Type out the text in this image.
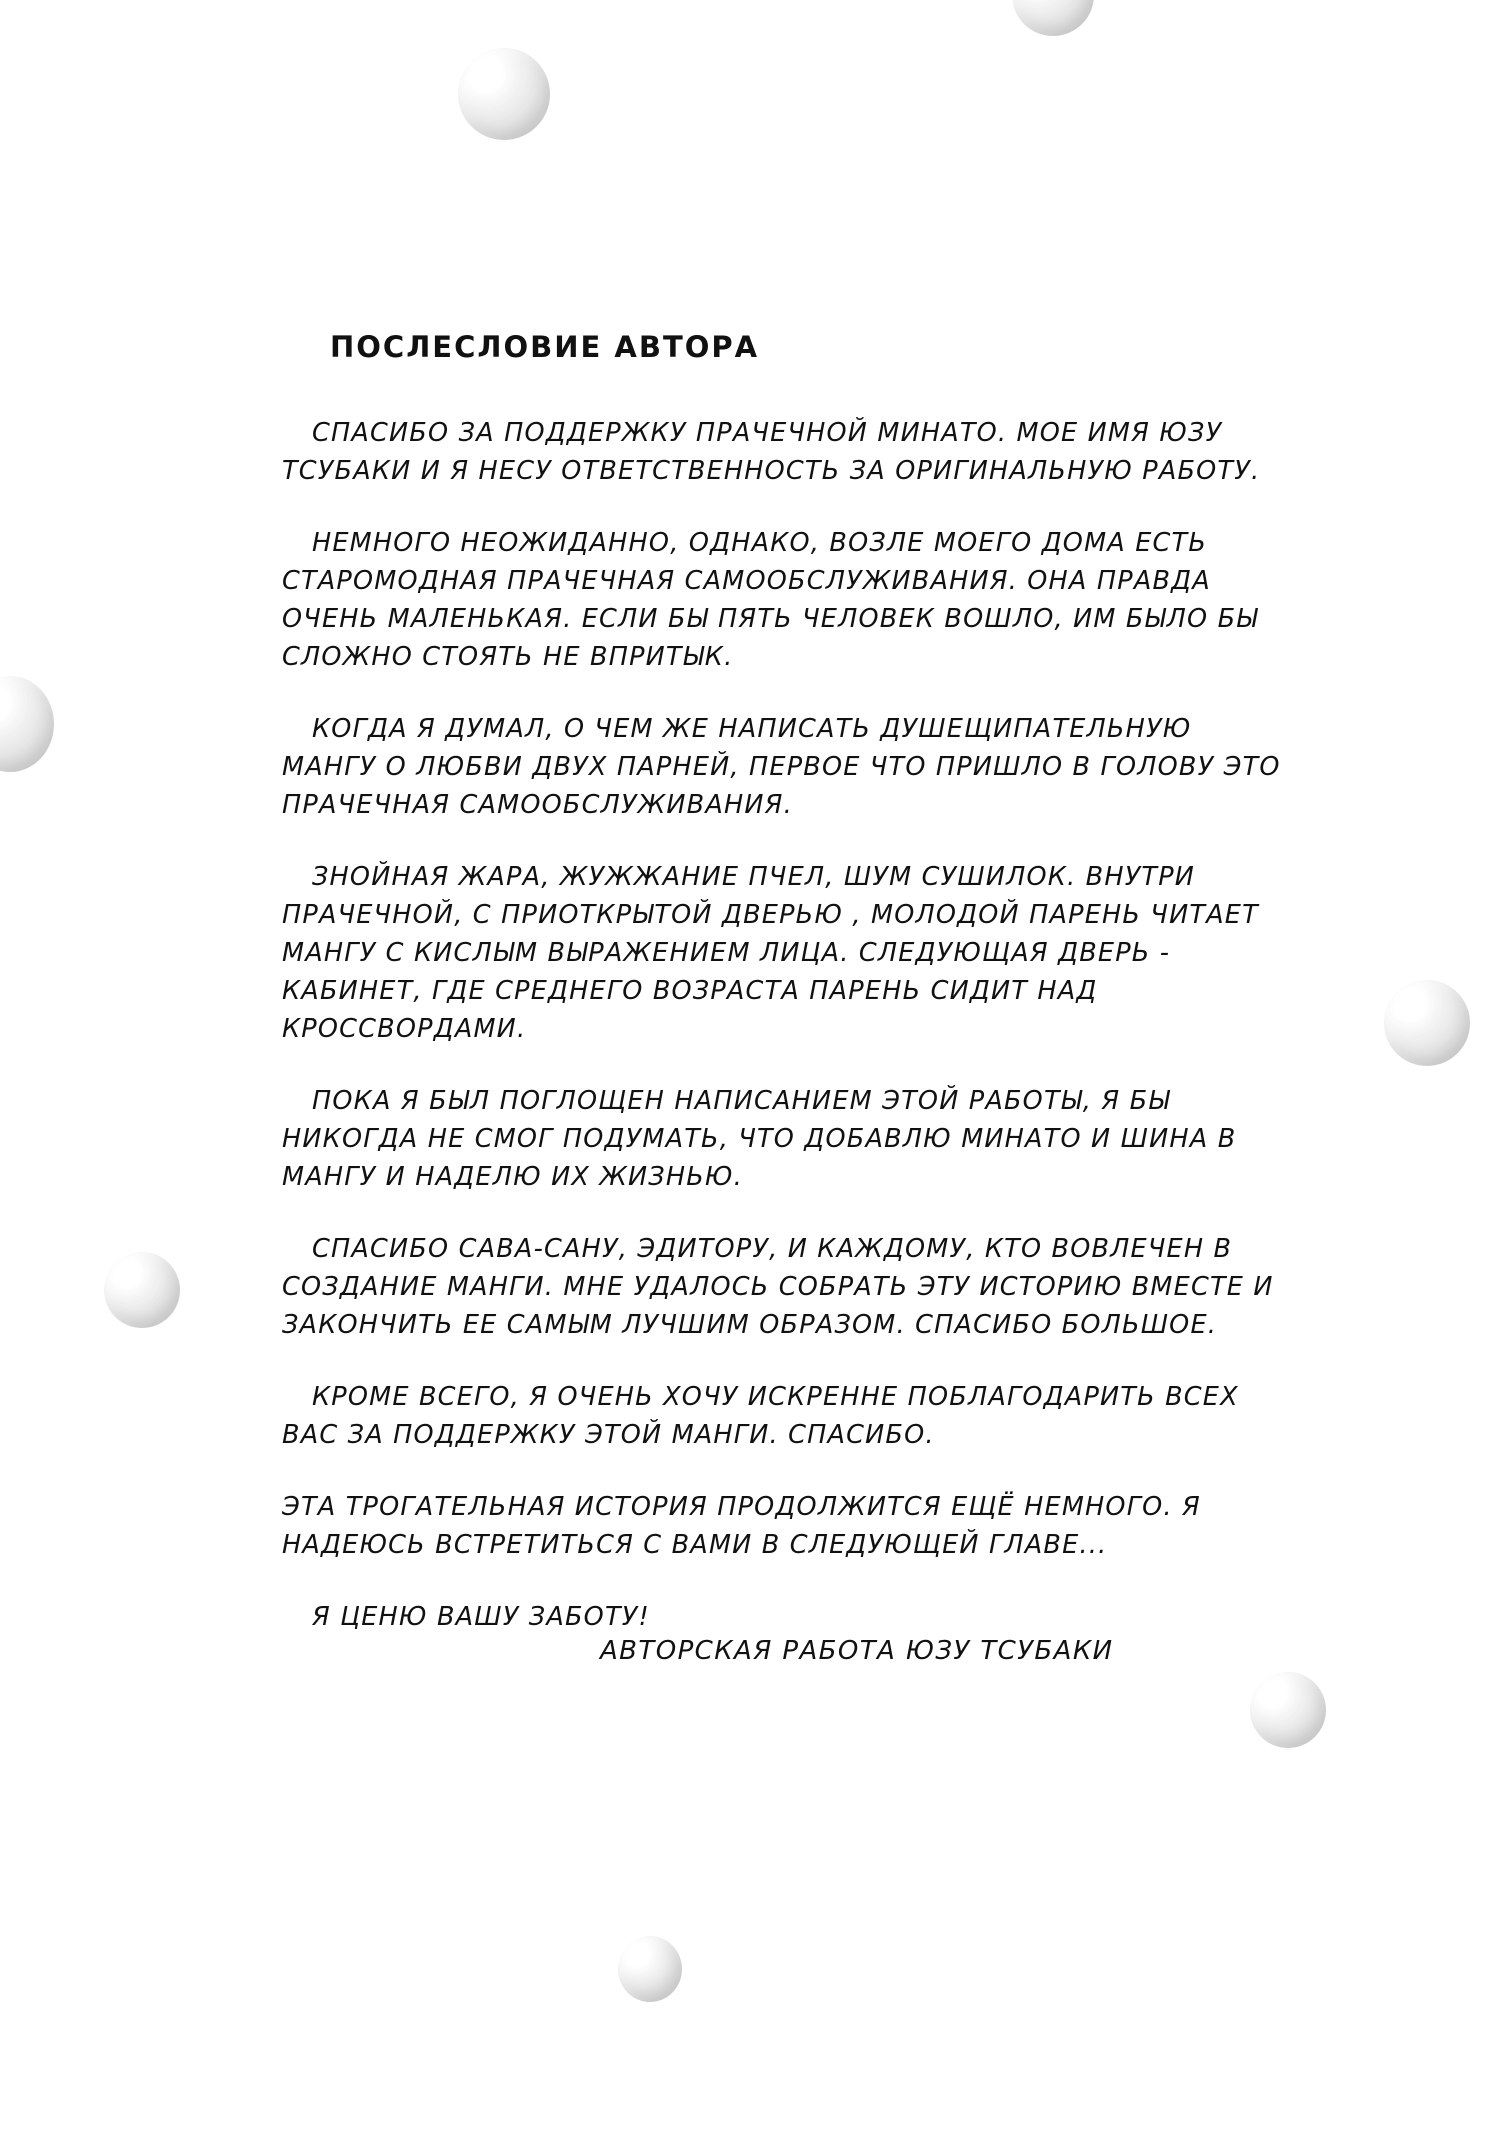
ПОСЛЕСЛОВИЕ АВТОРА

СПАСИБО ЗА ПОДДЕРЖКУ ПРАЧЕЧНОЙ МИНАТО. МОЕ ИМЯ ЮЗУ ТСУБАКИ И Я НЕСУ ОТВЕТСТВЕННОСТЬ ЗА ОРИГИНАЛЬНУЮ РАБОТУ.

НЕМНОГО НЕОЖИДАННО, ОДНАКО, ВОЗЛЕ МОЕГО ДОМА ЕСТЬ СТАРОМОДНАЯ ПРАЧЕЧНАЯ САМООБСЛУЖИВАНИЯ. ОНА ПРАВДА ОЧЕНЬ МАЛЕНЬКАЯ. ЕСЛИ БЫ ПЯТЬ ЧЕЛОВЕК ВОШЛО, ИМ БЫЛО БЫ СЛОЖНО СТОЯТЬ НЕ ВПРИТЫК.

КОГДА Я ДУМАЛ, О ЧЕМ ЖЕ НАПИСАТЬ ДУШЕЩИПАТЕЛЬНУЮ МАНГУ О ЛЮБВИ ДВУХ ПАРНЕЙ, ПЕРВОЕ ЧТО ПРИШЛО В ГОЛОВУ ЭТО ПРАЧЕЧНАЯ САМООБСЛУЖИВАНИЯ.

ЗНОЙНАЯ ЖАРА, ЖУЖЖАНИЕ ПЧЕЛ, ШУМ СУШИЛОК. ВНУТРИ ПРАЧЕЧНОЙ, С ПРИОТКРЫТОЙ ДВЕРЬЮ , МОЛОДОЙ ПАРЕНЬ ЧИТАЕТ МАНГУ С КИСЛЫМ ВЫРАЖЕНИЕМ ЛИЦА. СЛЕДУЮЩАЯ ДВЕРЬ - КАБИНЕТ, ГДЕ СРЕДНЕГО ВОЗРАСТА ПАРЕНЬ СИДИТ НАД КРОССВОРДАМИ.

ПОКА Я БЫЛ ПОГЛОЩЕН НАПИСАНИЕМ ЭТОЙ РАБОТЫ, Я БЫ НИКОГДА НЕ СМОГ ПОДУМАТЬ, ЧТО ДОБАВЛЮ МИНАТО И ШИНА В МАНГУ И НАДЕЛЮ ИХ ЖИЗНЬЮ.

СПАСИБО САВА-САНУ, ЭДИТОРУ, И КАЖДОМУ, КТО ВОВЛЕЧЕН В СОЗДАНИЕ МАНГИ. МНЕ УДАЛОСЬ СОБРАТЬ ЭТУ ИСТОРИЮ ВМЕСТЕ И ЗАКОНЧИТЬ ЕЕ САМЫМ ЛУЧШИМ ОБРАЗОМ. СПАСИБО БОЛЬШОЕ.

КРОМЕ ВСЕГО, Я ОЧЕНЬ ХОЧУ ИСКРЕННЕ ПОБЛАГОДАРИТЬ ВСЕХ ВАС ЗА ПОДДЕРЖКУ ЭТОЙ МАНГИ. СПАСИБО.

ЭТА ТРОГАТЕЛЬНАЯ ИСТОРИЯ ПРОДОЛЖИТСЯ ЕЩЁ НЕМНОГО. Я НАДЕЮСЬ ВСТРЕТИТЬСЯ С ВАМИ В СЛЕДУЮЩЕЙ ГЛАВЕ...

Я ЦЕНЮ ВАШУ ЗАБОТУ!

АВТОРСКАЯ РАБОТА ЮЗУ ТСУБАКИ
